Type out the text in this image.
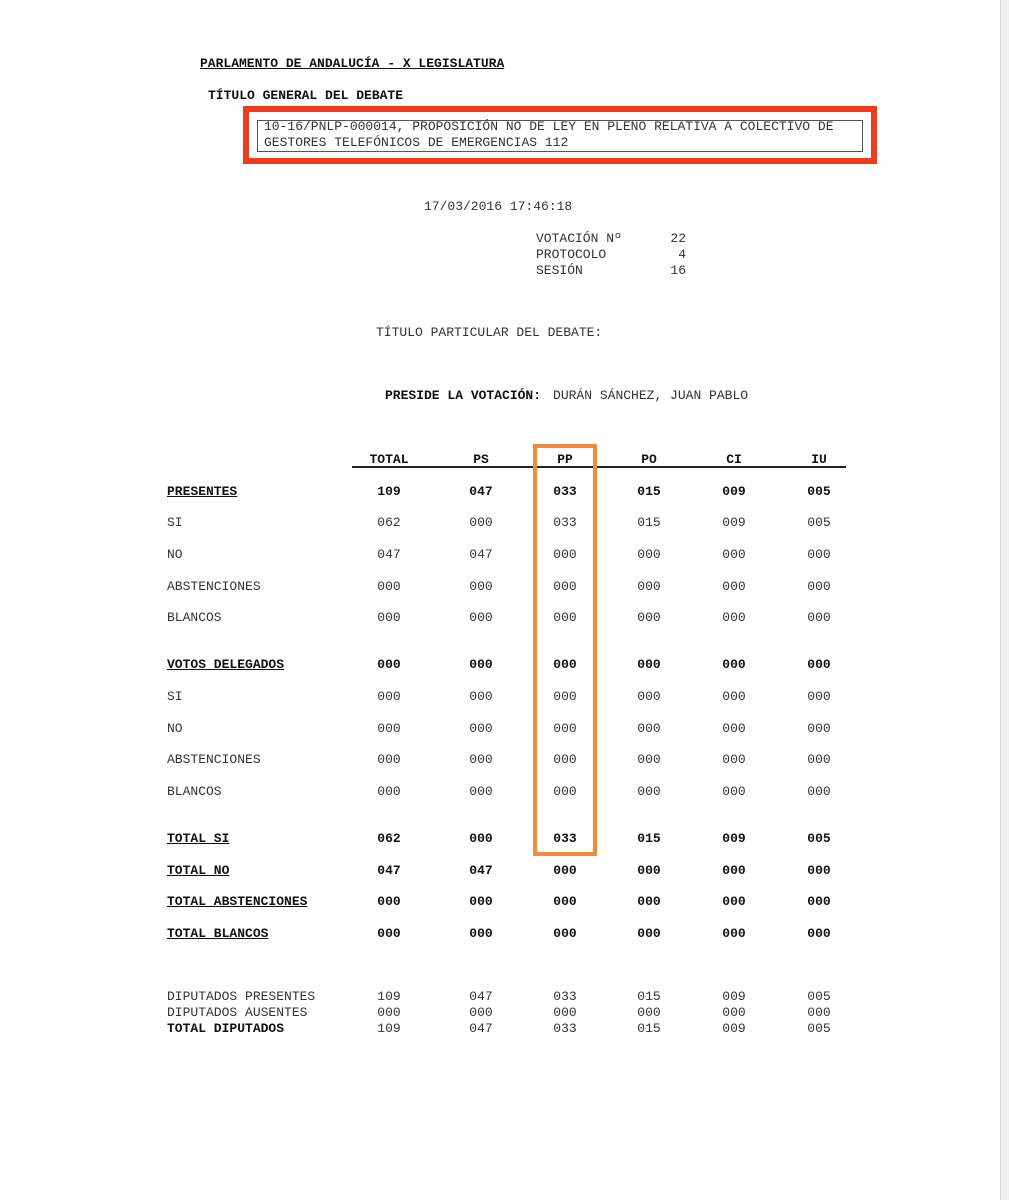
PARLAMENTO DE ANDALUCÍA - X LEGISLATURA
TÍTULO GENERAL DEL DEBATE
10-16/PNLP-000014, PROPOSICIÓN NO DE LEY EN PLENO RELATIVA A COLECTIVO DE
GESTORES TELEFÓNICOS DE EMERGENCIAS 112
17/03/2016 17:46:18
VOTACIÓN Nº	22
PROTOCOLO	4
SESIÓN	16
TÍTULO PARTICULAR DEL DEBATE:
PRESIDE LA VOTACIÓN: DURÁN SÁNCHEZ, JUAN PABLO
TOTAL	PS	PP	PO	CI	IU
PRESENTES	109	047	033	015	009	005
SI	062	000	033	015	009	005
NO	047	047	000	000	000	000
ABSTENCIONES	000	000	000	000	000	000
BLANCOS	000	000	000	000	000	000
VOTOS DELEGADOS	000	000	000	000	000	000
SI	000	000	000	000	000	000
NO	000	000	000	000	000	000
ABSTENCIONES	000	000	000	000	000	000
BLANCOS	000	000	000	000	000	000
TOTAL SI	062	000	033	015	009	005
TOTAL NO	047	047	000	000	000	000
TOTAL ABSTENCIONES	000	000	000	000	000	000
TOTAL BLANCOS	000	000	000	000	000	000
DIPUTADOS PRESENTES	109	047	033	015	009	005
DIPUTADOS AUSENTES	000	000	000	000	000	000
TOTAL DIPUTADOS	109	047	033	015	009	005
